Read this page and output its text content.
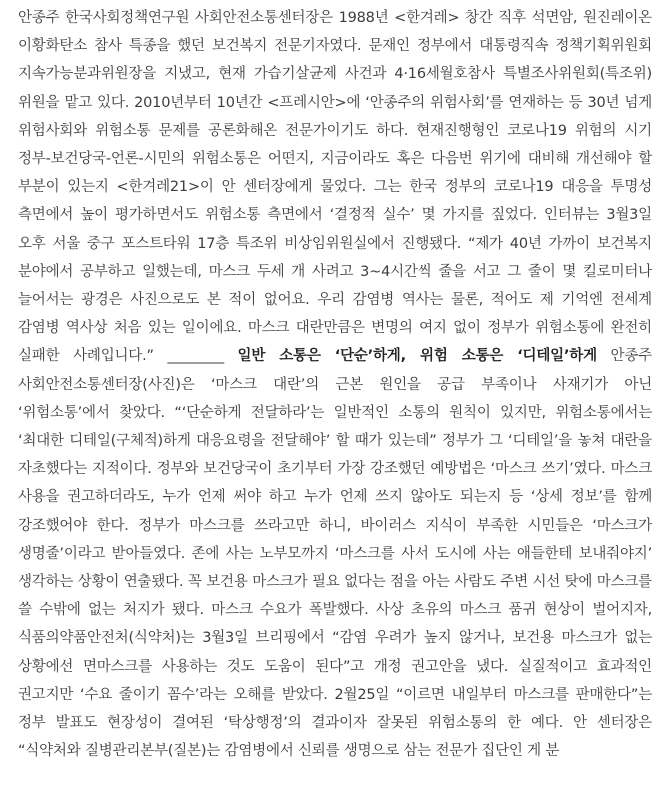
안종주 한국사회정책연구원 사회안전소통센터장은 1988년 <한겨레> 창간 직후 석면암, 원진레이온 이황화탄소 참사 특종을 했던 보건복지 전문기자였다. 문재인 정부에서 대통령직속 정책기획위원회 지속가능분과위원장을 지냈고, 현재 가습기살균제 사건과 4·16세월호참사 특별조사위원회(특조위) 위원을 맡고 있다. 2010년부터 10년간 <프레시안>에 ‘안종주의 위험사회’를 연재하는 등 30년 넘게 위험사회와 위험소통 문제를 공론화해온 전문가이기도 하다. 현재진행형인 코로나19 위험의 시기 정부-보건당국-언론-시민의 위험소통은 어떤지, 지금이라도 혹은 다음번 위기에 대비해 개선해야 할 부분이 있는지 <한겨레21>이 안 센터장에게 물었다. 그는 한국 정부의 코로나19 대응을 투명성 측면에서 높이 평가하면서도 위험소통 측면에서 ‘결정적 실수’ 몇 가지를 짚었다. 인터뷰는 3월3일 오후 서울 중구 포스트타워 17층 특조위 비상임위원실에서 진행됐다. “제가 40년 가까이 보건복지 분야에서 공부하고 일했는데, 마스크 두세 개 사려고 3~4시간씩 줄을 서고 그 줄이 몇 킬로미터나 늘어서는 광경은 사진으로도 본 적이 없어요. 우리 감염병 역사는 물론, 적어도 제 기억엔 전세계 감염병 역사상 처음 있는 일이에요. 마스크 대란만큼은 변명의 여지 없이 정부가 위험소통에 완전히 실패한 사례입니다.” ________ 일반 소통은 ‘단순’하게, 위험 소통은 ‘디테일’하게 안종주 사회안전소통센터장(사진)은 ‘마스크 대란’의 근본 원인을 공급 부족이나 사재기가 아닌 ‘위험소통’에서 찾았다. “‘단순하게 전달하라’는 일반적인 소통의 원칙이 있지만, 위험소통에서는 ‘최대한 디테일(구체적)하게 대응요령을 전달해야’ 할 때가 있는데” 정부가 그 ‘디테일’을 놓쳐 대란을 자초했다는 지적이다. 정부와 보건당국이 초기부터 가장 강조했던 예방법은 ‘마스크 쓰기’였다. 마스크 사용을 권고하더라도, 누가 언제 써야 하고 누가 언제 쓰지 않아도 되는지 등 ‘상세 정보’를 함께 강조했어야 한다. 정부가 마스크를 쓰라고만 하니, 바이러스 지식이 부족한 시민들은 ‘마스크가 생명줄’이라고 받아들였다. 존에 사는 노부모까지 ‘마스크를 사서 도시에 사는 애들한테 보내줘야지’ 생각하는 상황이 연출됐다. 꼭 보건용 마스크가 필요 없다는 점을 아는 사람도 주변 시선 탓에 마스크를 쓸 수밖에 없는 처지가 됐다. 마스크 수요가 폭발했다. 사상 초유의 마스크 품귀 현상이 벌어지자, 식품의약품안전처(식약처)는 3월3일 브리핑에서 “감염 우려가 높지 않거나, 보건용 마스크가 없는 상황에선 면마스크를 사용하는 것도 도움이 된다”고 개정 권고안을 냈다. 실질적이고 효과적인 권고지만 ‘수요 줄이기 꼼수’라는 오해를 받았다. 2월25일 “이르면 내일부터 마스크를 판매한다”는 정부 발표도 현장성이 결여된 ‘탁상행정’의 결과이자 잘못된 위험소통의 한 예다. 안 센터장은 “식약처와 질병관리본부(질본)는 감염병에서 신뢰를 생명으로 삼는 전문가 집단인 게 분
